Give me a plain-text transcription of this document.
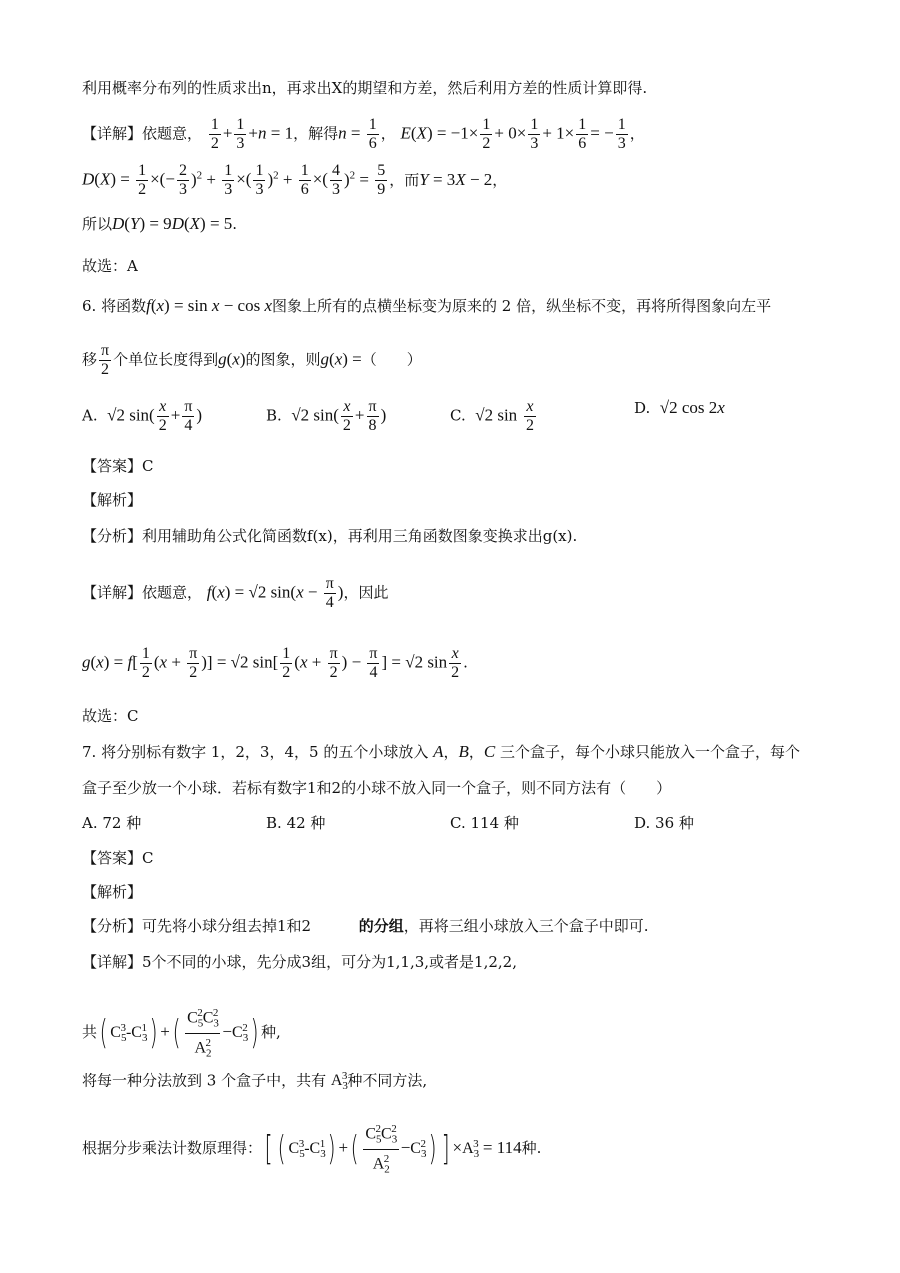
利用概率分布列的性质求出n，再求出X的期望和方差，然后利用方差的性质计算即得.
【详解】依题意， $\frac{1}{2} + \frac{1}{3} +n = 1$，解得$n = \frac{1}{6}$ ， $E(X) = -1\times \frac{1}{2} + 0\times \frac{1}{3} + 1\times \frac{1}{6}$ = − $\frac{1}{3}$ ，
$D(X) = \frac{1}{2}$ ×(− $\frac{2}{3} )^2 + \frac{1}{3}$ ×( $\frac{1}{3} )^2 + \frac{1}{6}$ ×( $\frac{4}{3} )^2 = \frac{5}{9}$ ，而Y = 3X − 2，
所以D(Y) = 9D(X) = 5.
故选：A
6. 将函数f(x) = sin x − cos x图象上所有的点横坐标变为原来的 2 倍，纵坐标不变，再将所得图象向左平
移 $\frac{\pi}{2}$ 个单位长度得到g(x)的图象，则g(x) =（　　）
A.  √2 $\sin( \frac{x}{2} + \frac{\pi}{4}$ )	B.  √2 $\sin( \frac{x}{2} + \frac{\pi}{8}$ )	C.  √2 $\sin \frac{x}{2}$	D.  √2 cos 2x
【答案】C
【解析】
【分析】利用辅助角公式化简函数f(x)，再利用三角函数图象变换求出g(x).
【详解】依题意， f(x) = √2 $\sin(x - \frac{\pi}{4}$ )，因此
$g(x) = f[ \frac{1}{2} (x + \frac{\pi}{2}$ )] = √2 $\sin[ \frac{1}{2} (x + \frac{\pi}{2}$ ) − $\frac{\pi}{4}$ ] = √2 $\sin \frac{x}{2}$ .
故选：C
7. 将分别标有数字 1，2，3，4，5 的五个小球放入 A，B，C 三个盒子，每个小球只能放入一个盒子，每个
盒子至少放一个小球．若标有数字1和2的小球不放入同一个盒子，则不同方法有（　　）
A. 72 种	B. 42 种	C. 114 种	D. 36 种
【答案】C
【解析】
【分析】可先将小球分组去掉1和2	的分组，再将三组小球放入三个盒子中即可.
【详解】5个不同的小球，先分成3组，可分为1,1,3,或者是1,2,2,
共( $C_5^3-C_3^1$) +( $\frac{C_5^2C_3^2}{A_2^2} -C_3^2$) 种,
将每一种分法放到 3 个盒子中，共有 $A_3^3$种不同方法,
根据分步乘法计数原理得：[ ( $C_5^3-C_3^1$) +( $\frac{C_5^2C_3^2}{A_2^2} -C_3^2$) ] $\times A_3^3 = 114$种.
